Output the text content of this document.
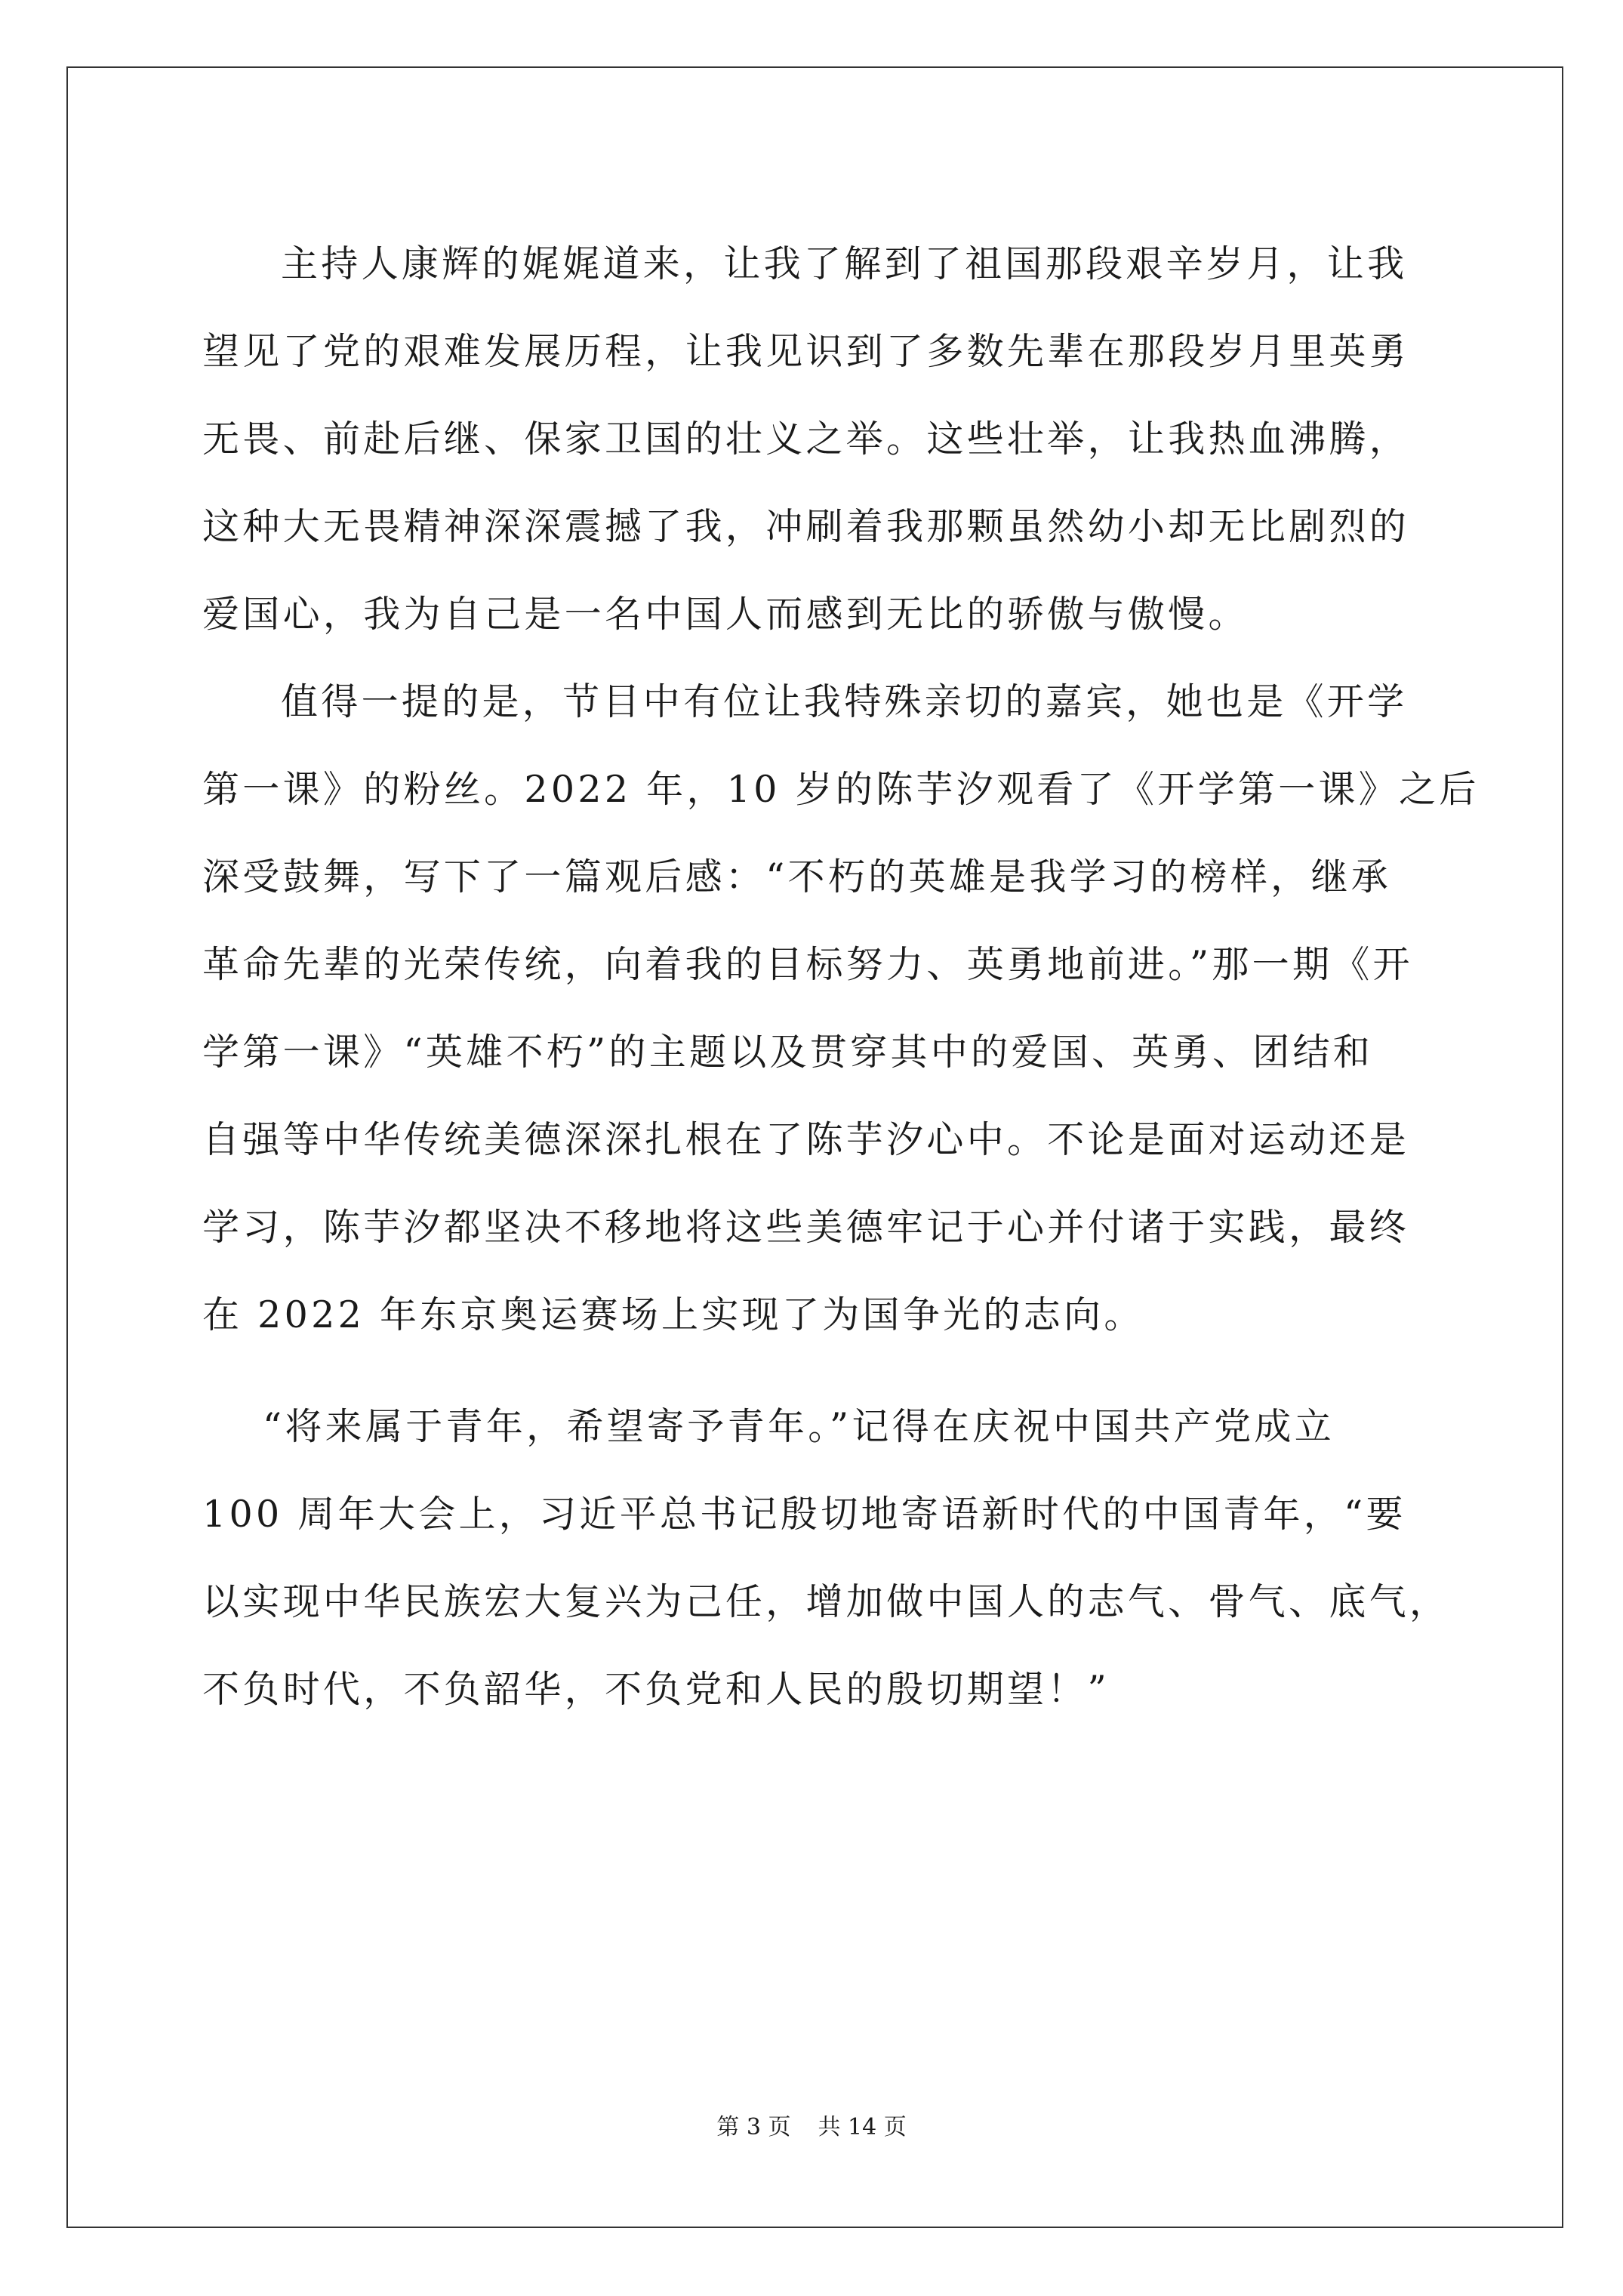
主持人康辉的娓娓道来，让我了解到了祖国那段艰辛岁月，让我
望见了党的艰难发展历程，让我见识到了多数先辈在那段岁月里英勇
无畏、前赴后继、保家卫国的壮义之举。这些壮举，让我热血沸腾，
这种大无畏精神深深震撼了我，冲刷着我那颗虽然幼小却无比剧烈的
爱国心，我为自己是一名中国人而感到无比的骄傲与傲慢。
值得一提的是，节目中有位让我特殊亲切的嘉宾，她也是《开学
第一课》的粉丝。2022 年，10 岁的陈芋汐观看了《开学第一课》之后
深受鼓舞，写下了一篇观后感：“不朽的英雄是我学习的榜样，继承
革命先辈的光荣传统，向着我的目标努力、英勇地前进。”那一期《开
学第一课》“英雄不朽”的主题以及贯穿其中的爱国、英勇、团结和
自强等中华传统美德深深扎根在了陈芋汐心中。不论是面对运动还是
学习，陈芋汐都坚决不移地将这些美德牢记于心并付诸于实践，最终
在 2022 年东京奥运赛场上实现了为国争光的志向。
“将来属于青年，希望寄予青年。”记得在庆祝中国共产党成立
100 周年大会上，习近平总书记殷切地寄语新时代的中国青年，“要
以实现中华民族宏大复兴为己任，增加做中国人的志气、骨气、底气，
不负时代，不负韶华，不负党和人民的殷切期望！”
第 3 页 共 14 页
